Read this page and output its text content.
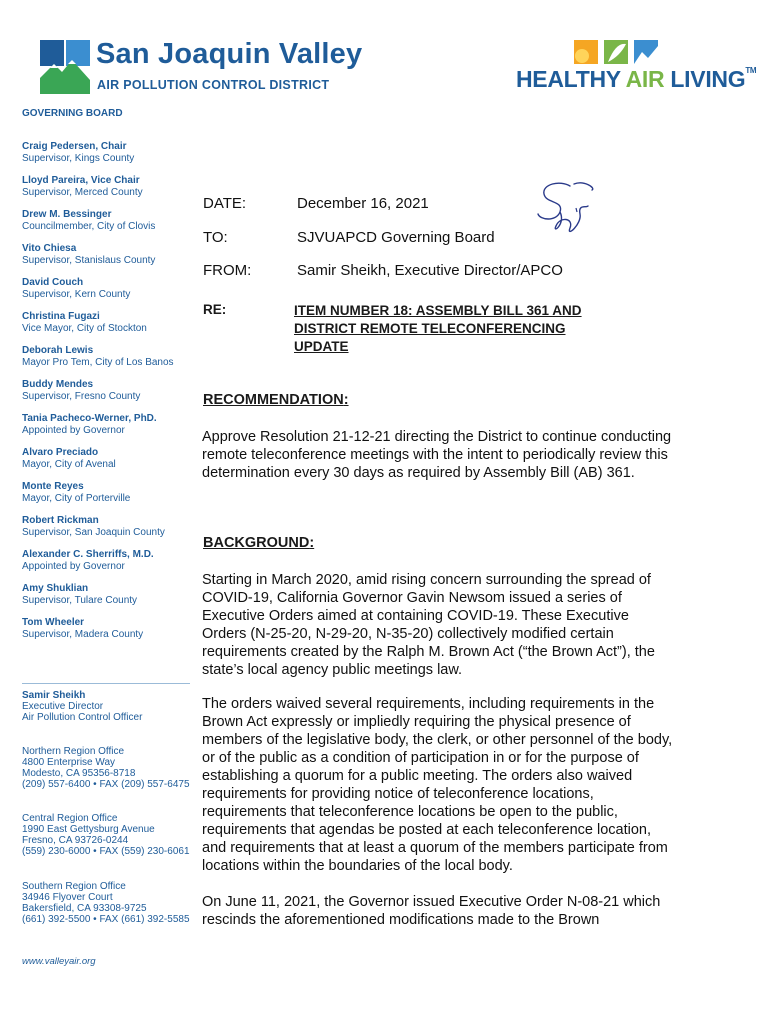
San Joaquin Valley
AIR POLLUTION CONTROL DISTRICT	HEALTHY AIR LIVING™
GOVERNING BOARD
Craig Pedersen, Chair
Supervisor, Kings County
Lloyd Pareira, Vice Chair
Supervisor, Merced County
Drew M. Bessinger
Councilmember, City of Clovis
Vito Chiesa
Supervisor, Stanislaus County
David Couch
Supervisor, Kern County
Christina Fugazi
Vice Mayor, City of Stockton
Deborah Lewis
Mayor Pro Tem, City of Los Banos
Buddy Mendes
Supervisor, Fresno County
Tania Pacheco-Werner, PhD.
Appointed by Governor
Alvaro Preciado
Mayor, City of Avenal
Monte Reyes
Mayor, City of Porterville
Robert Rickman
Supervisor, San Joaquin County
Alexander C. Sherriffs, M.D.
Appointed by Governor
Amy Shuklian
Supervisor, Tulare County
Tom Wheeler
Supervisor, Madera County
Samir Sheikh
Executive Director
Air Pollution Control Officer
Northern Region Office
4800 Enterprise Way
Modesto, CA 95356-8718
(209) 557-6400 • FAX (209) 557-6475
Central Region Office
1990 East Gettysburg Avenue
Fresno, CA 93726-0244
(559) 230-6000 • FAX (559) 230-6061
Southern Region Office
34946 Flyover Court
Bakersfield, CA 93308-9725
(661) 392-5500 • FAX (661) 392-5585
www.valleyair.org
DATE:	December 16, 2021
TO:	SJVUAPCD Governing Board
FROM:	Samir Sheikh, Executive Director/APCO
RE:	ITEM NUMBER 18: ASSEMBLY BILL 361 AND
DISTRICT REMOTE TELECONFERENCING
UPDATE
RECOMMENDATION:
Approve Resolution 21-12-21 directing the District to continue conducting remote teleconference meetings with the intent to periodically review this determination every 30 days as required by Assembly Bill (AB) 361.
BACKGROUND:
Starting in March 2020, amid rising concern surrounding the spread of COVID-19, California Governor Gavin Newsom issued a series of Executive Orders aimed at containing COVID-19. These Executive Orders (N-25-20, N-29-20, N-35-20) collectively modified certain requirements created by the Ralph M. Brown Act (“the Brown Act”), the state’s local agency public meetings law.
The orders waived several requirements, including requirements in the Brown Act expressly or impliedly requiring the physical presence of members of the legislative body, the clerk, or other personnel of the body, or of the public as a condition of participation in or for the purpose of establishing a quorum for a public meeting. The orders also waived requirements for providing notice of teleconference locations, requirements that teleconference locations be open to the public, requirements that agendas be posted at each teleconference location, and requirements that at least a quorum of the members participate from locations within the boundaries of the local body.
On June 11, 2021, the Governor issued Executive Order N-08-21 which rescinds the aforementioned modifications made to the Brown
